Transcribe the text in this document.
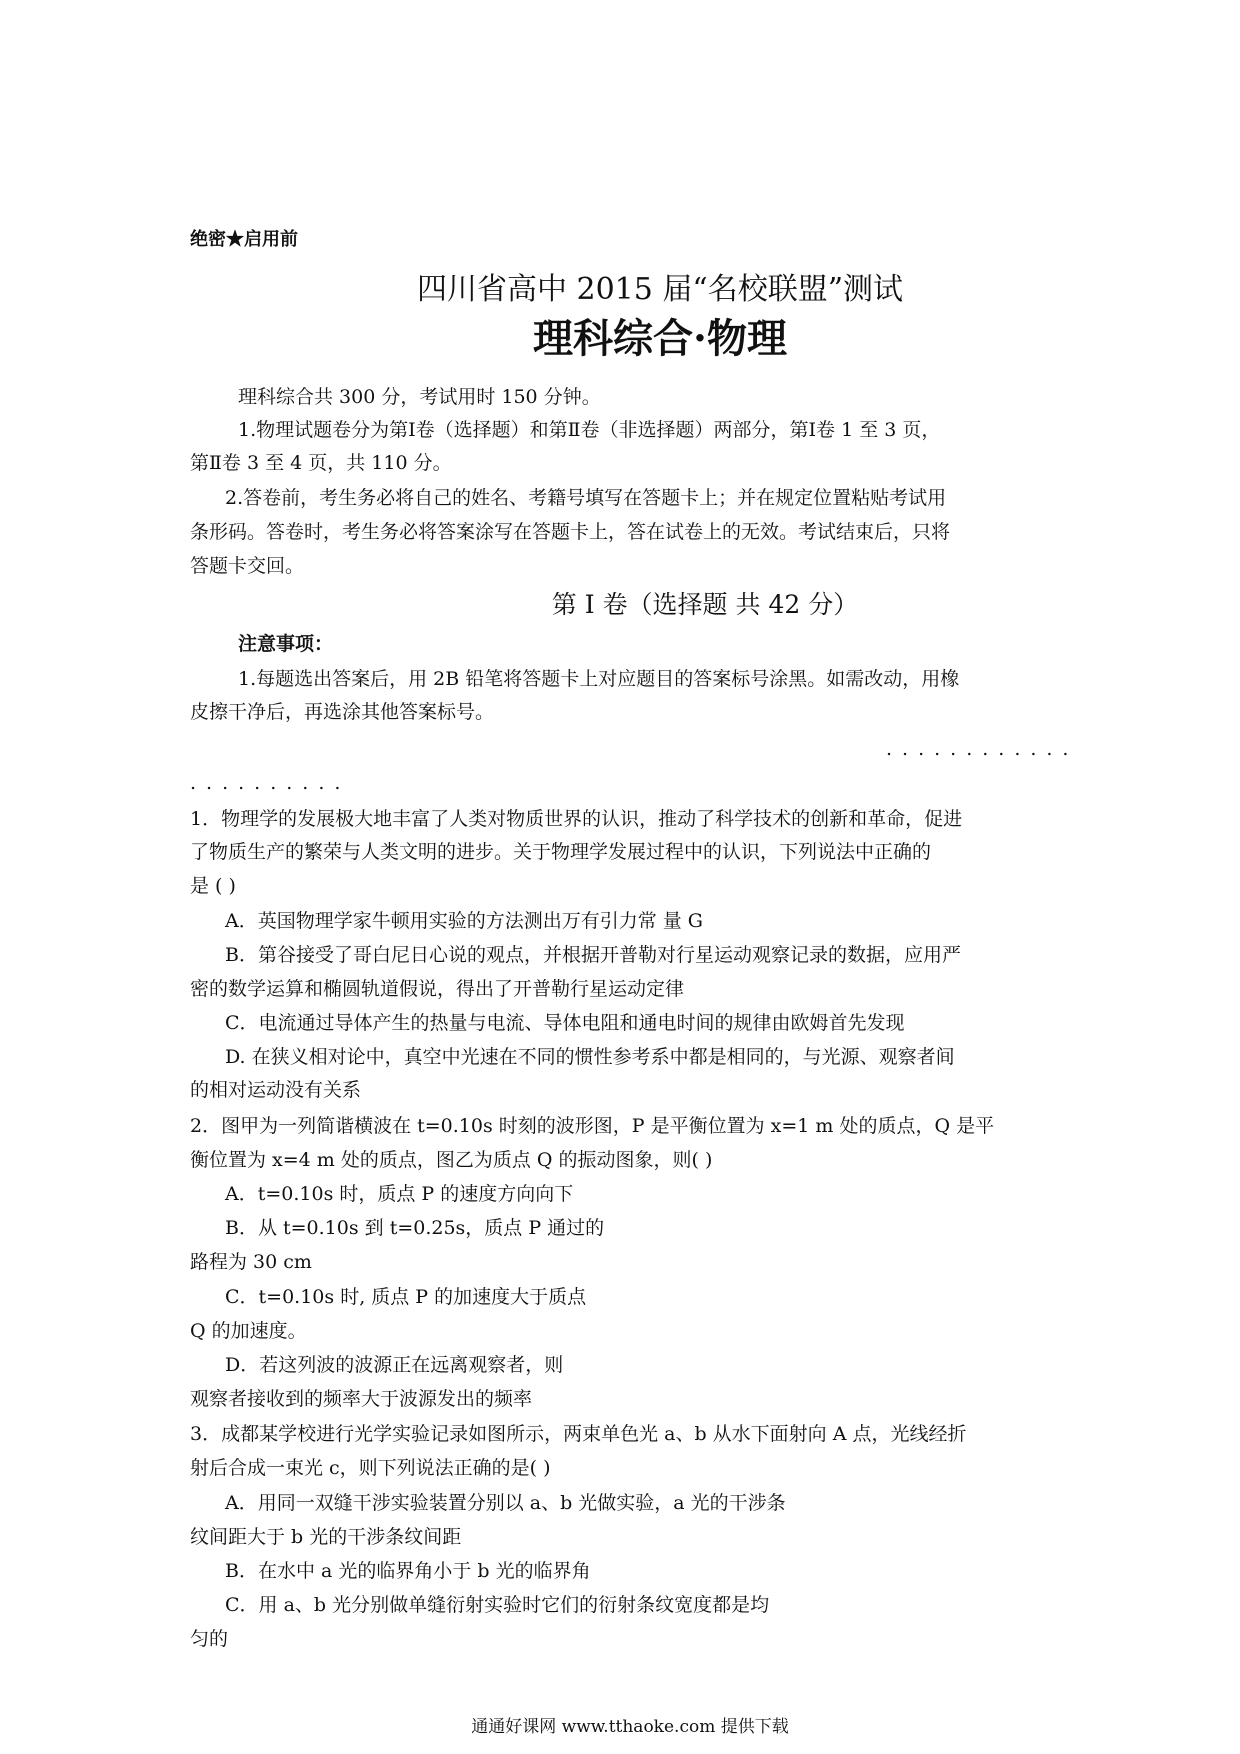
绝密★启用前
四川省高中 2015 届“名校联盟”测试
理科综合·物理
理科综合共 300 分，考试用时 150 分钟。
1.物理试题卷分为第Ⅰ卷（选择题）和第Ⅱ卷（非选择题）两部分，第Ⅰ卷 1 至 3 页，
第Ⅱ卷 3 至 4 页，共 110 分。
2.答卷前，考生务必将自己的姓名、考籍号填写在答题卡上；并在规定位置粘贴考试用
条形码。答卷时，考生务必将答案涂写在答题卡上，答在试卷上的无效。考试结束后，只将
答题卡交回。
第 Ⅰ 卷（选择题 共 42 分）
注意事项：
1.每题选出答案后，用 2B 铅笔将答题卡上对应题目的答案标号涂黑。如需改动，用橡
皮擦干净后，再选涂其他答案标号。
............
..........
1．物理学的发展极大地丰富了人类对物质世界的认识，推动了科学技术的创新和革命，促进
了物质生产的繁荣与人类文明的进步。关于物理学发展过程中的认识，下列说法中正确的
是 ( )
A．英国物理学家牛顿用实验的方法测出万有引力常 量 G
B．第谷接受了哥白尼日心说的观点，并根据开普勒对行星运动观察记录的数据，应用严
密的数学运算和椭圆轨道假说，得出了开普勒行星运动定律
C．电流通过导体产生的热量与电流、导体电阻和通电时间的规律由欧姆首先发现
D. 在狭义相对论中，真空中光速在不同的惯性参考系中都是相同的，与光源、观察者间
的相对运动没有关系
2．图甲为一列简谐横波在 t=0.10s 时刻的波形图，P 是平衡位置为 x=1 m 处的质点，Q 是平
衡位置为 x=4 m 处的质点，图乙为质点 Q 的振动图象，则( )
A．t=0.10s 时，质点 P 的速度方向向下
B．从 t=0.10s 到 t=0.25s，质点 P 通过的
路程为 30 cm
C．t=0.10s 时, 质点 P 的加速度大于质点
Q 的加速度。
D．若这列波的波源正在远离观察者，则
观察者接收到的频率大于波源发出的频率
3．成都某学校进行光学实验记录如图所示，两束单色光 a、b 从水下面射向 A 点，光线经折
射后合成一束光 c，则下列说法正确的是( )
A．用同一双缝干涉实验装置分别以 a、b 光做实验，a 光的干涉条
纹间距大于 b 光的干涉条纹间距
B．在水中 a 光的临界角小于 b 光的临界角
C．用 a、b 光分别做单缝衍射实验时它们的衍射条纹宽度都是均
匀的
通通好课网 www.tthaoke.com 提供下载
